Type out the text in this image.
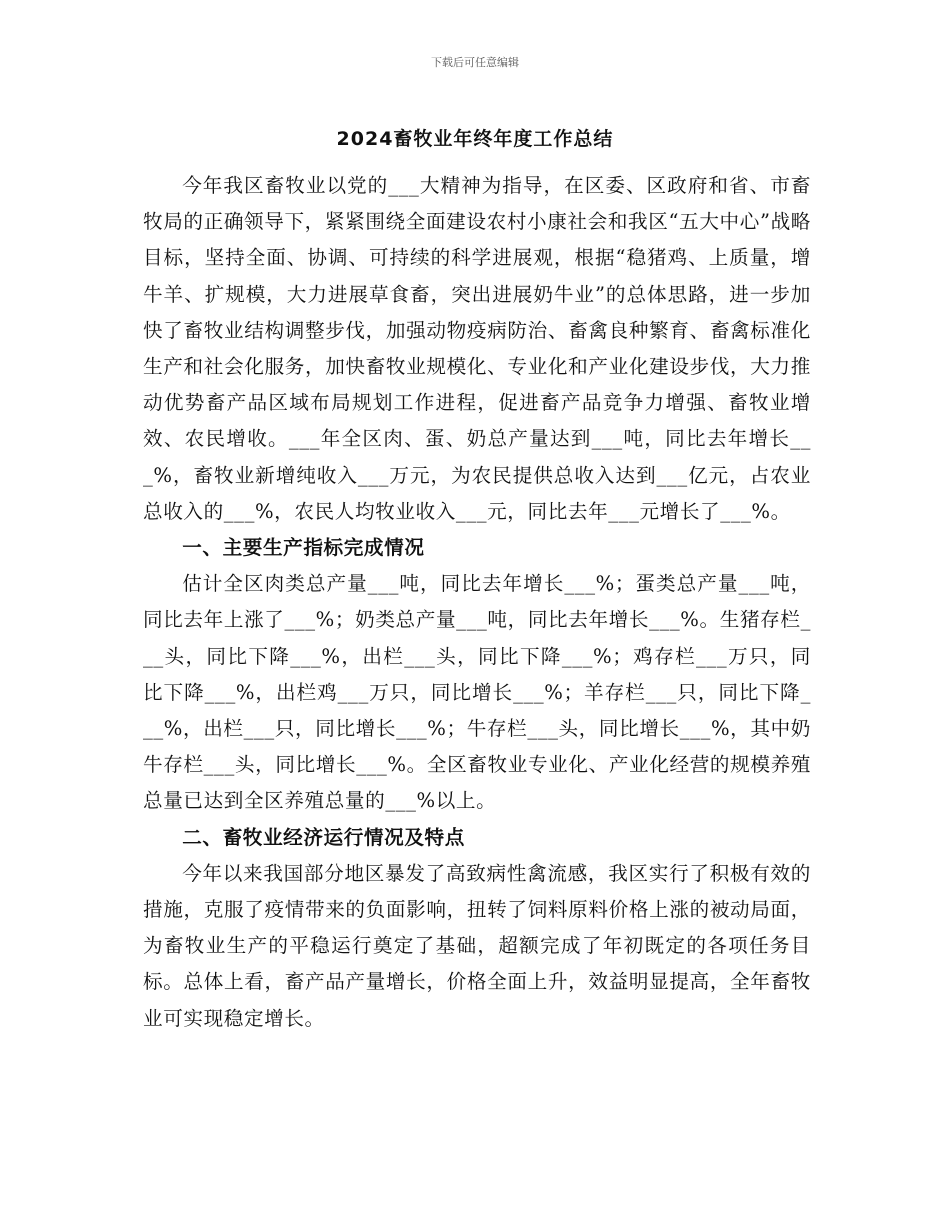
下载后可任意编辑
2024畜牧业年终年度工作总结

今年我区畜牧业以党的___大精神为指导，在区委、区政府和省、市畜牧局的正确领导下，紧紧围绕全面建设农村小康社会和我区“五大中心”战略目标，坚持全面、协调、可持续的科学进展观，根据“稳猪鸡、上质量，增牛羊、扩规模，大力进展草食畜，突出进展奶牛业”的总体思路，进一步加快了畜牧业结构调整步伐，加强动物疫病防治、畜禽良种繁育、畜禽标准化生产和社会化服务，加快畜牧业规模化、专业化和产业化建设步伐，大力推动优势畜产品区域布局规划工作进程，促进畜产品竞争力增强、畜牧业增效、农民增收。___年全区肉、蛋、奶总产量达到___吨，同比去年增长___%，畜牧业新增纯收入___万元，为农民提供总收入达到___亿元，占农业总收入的___%，农民人均牧业收入___元，同比去年___元增长了___%。

一、主要生产指标完成情况

估计全区肉类总产量___吨，同比去年增长___%；蛋类总产量___吨，同比去年上涨了___%；奶类总产量___吨，同比去年增长___%。生猪存栏___头，同比下降___%，出栏___头，同比下降___%；鸡存栏___万只，同比下降___%，出栏鸡___万只，同比增长___%；羊存栏___只，同比下降___%，出栏___只，同比增长___%；牛存栏___头，同比增长___%，其中奶牛存栏___头，同比增长___%。全区畜牧业专业化、产业化经营的规模养殖总量已达到全区养殖总量的___%以上。

二、畜牧业经济运行情况及特点

今年以来我国部分地区暴发了高致病性禽流感，我区实行了积极有效的措施，克服了疫情带来的负面影响，扭转了饲料原料价格上涨的被动局面，为畜牧业生产的平稳运行奠定了基础，超额完成了年初既定的各项任务目标。总体上看，畜产品产量增长，价格全面上升，效益明显提高，全年畜牧业可实现稳定增长。
